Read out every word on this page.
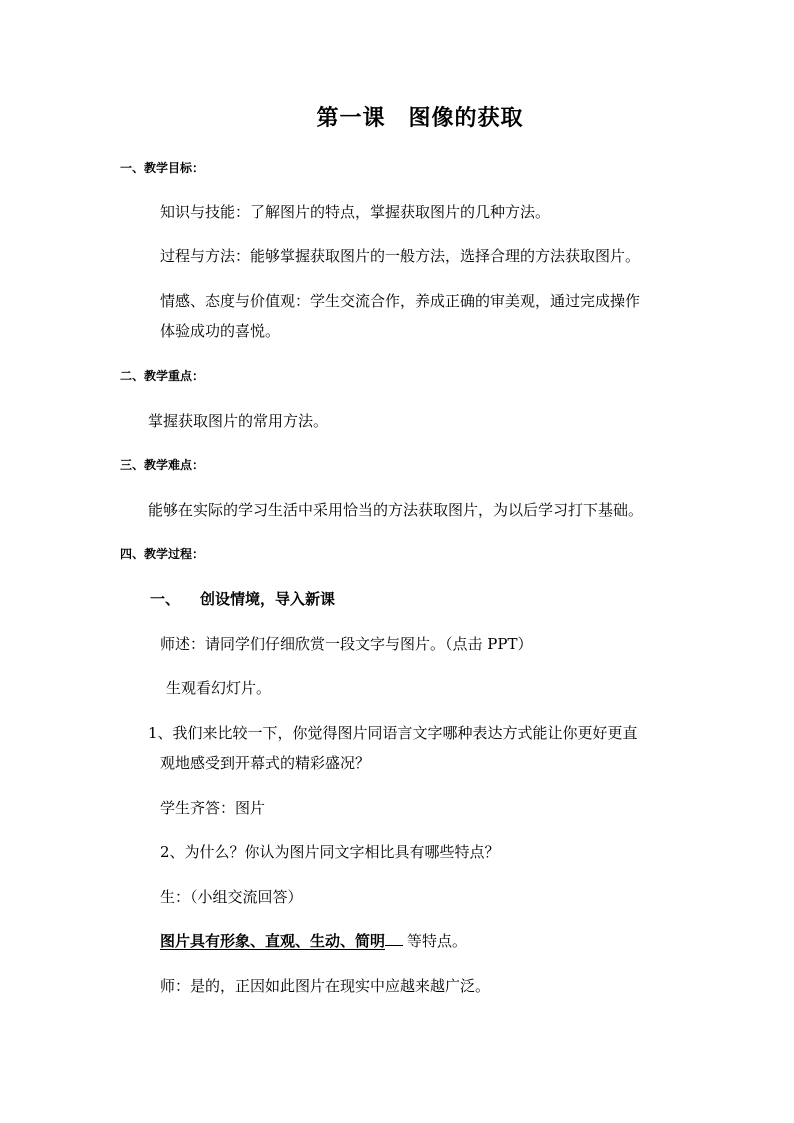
第一课　图像的获取
一、教学目标：
知识与技能：了解图片的特点，掌握获取图片的几种方法。
过程与方法：能够掌握获取图片的一般方法，选择合理的方法获取图片。
情感、态度与价值观：学生交流合作，养成正确的审美观，通过完成操作
体验成功的喜悦。
二、教学重点：
掌握获取图片的常用方法。
三、教学难点：
能够在实际的学习生活中采用恰当的方法获取图片，为以后学习打下基础。
四、教学过程：
一、 创设情境，导入新课
师述：请同学们仔细欣赏一段文字与图片。（点击 PPT）
生观看幻灯片。
1、我们来比较一下，你觉得图片同语言文字哪种表达方式能让你更好更直
观地感受到开幕式的精彩盛况？
学生齐答：图片
2、为什么？你认为图片同文字相比具有哪些特点？
生：（小组交流回答）
图片具有形象、直观、生动、简明 等特点。
师：是的，正因如此图片在现实中应越来越广泛。
